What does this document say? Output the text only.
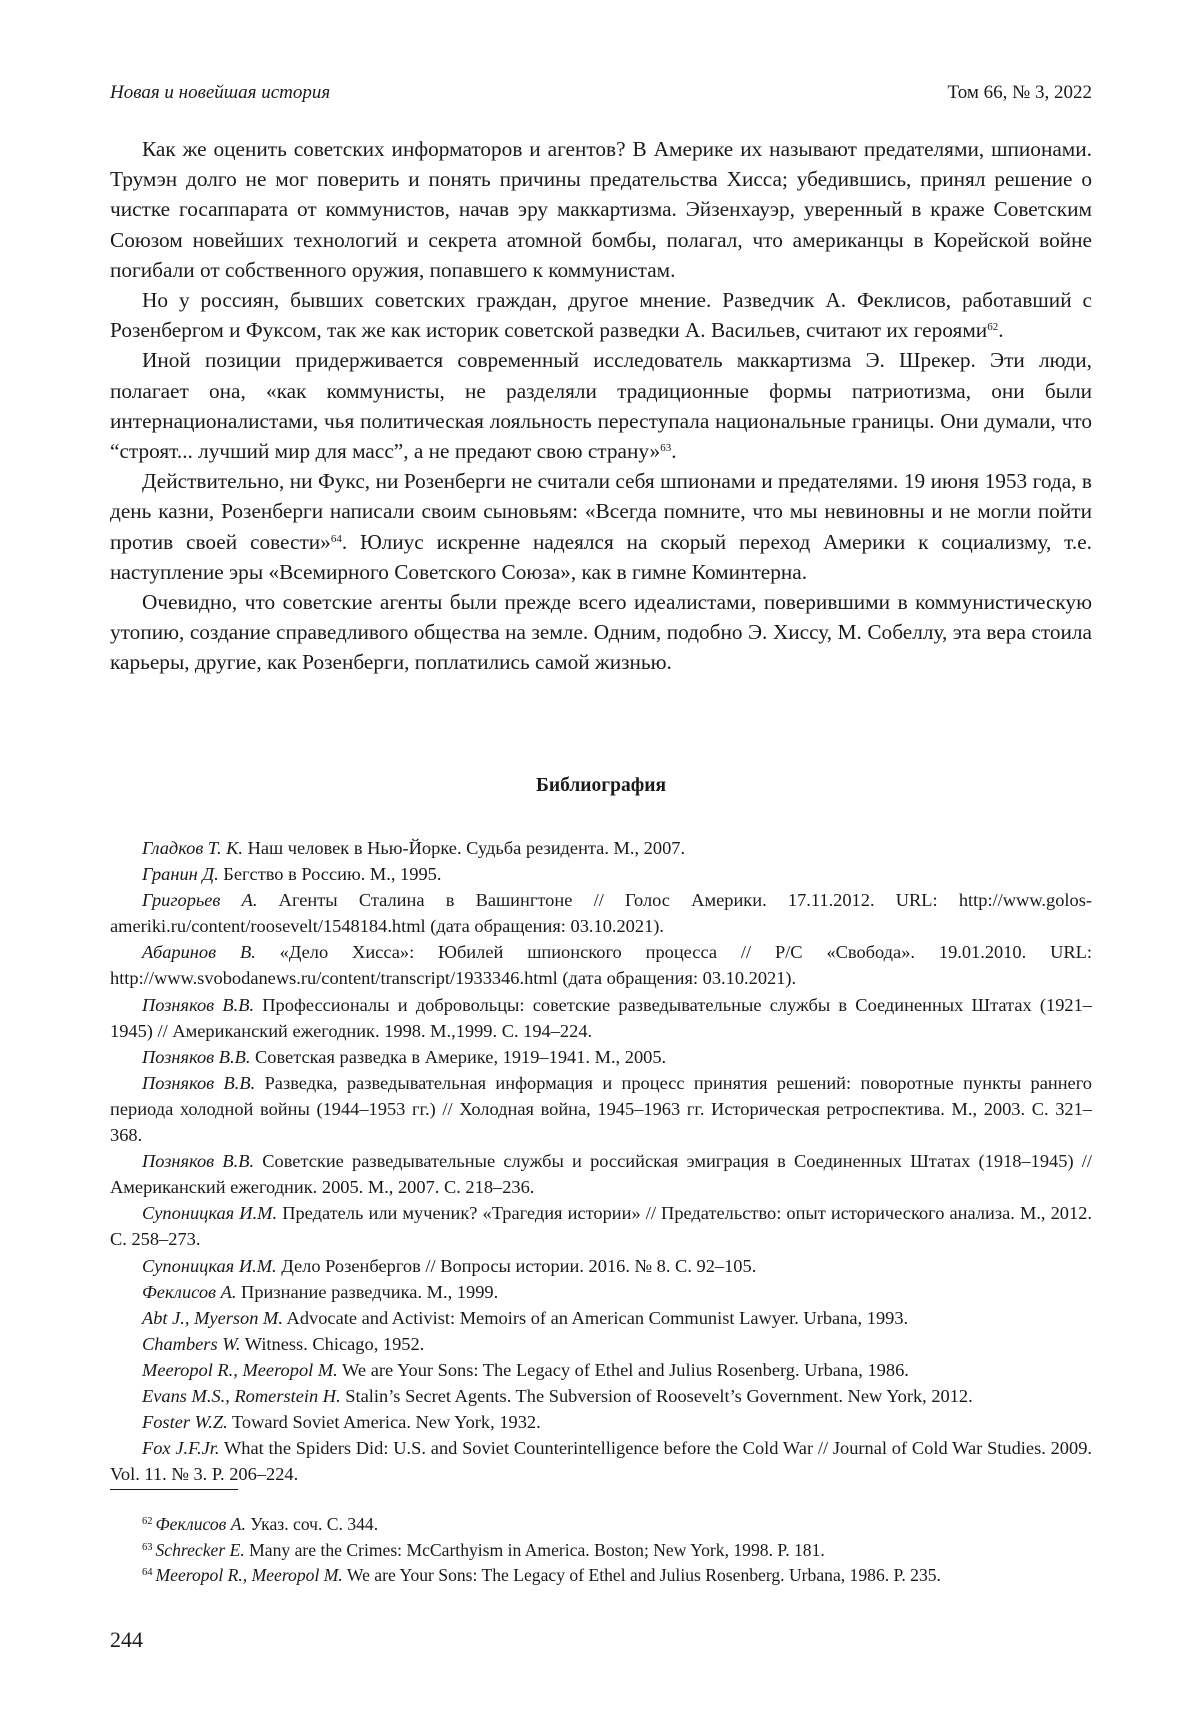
Новая и новейшая история	Том 66, № 3, 2022

Как же оценить советских информаторов и агентов? В Америке их называют предателями, шпионами. Трумэн долго не мог поверить и понять причины предательства Хисса; убедившись, принял решение о чистке госаппарата от коммунистов, начав эру маккартизма. Эйзенхауэр, уверенный в краже Советским Союзом новейших технологий и секрета атомной бомбы, полагал, что американцы в Корейской войне погибали от собственного оружия, попавшего к коммунистам.

Но у россиян, бывших советских граждан, другое мнение. Разведчик А. Феклисов, работавший с Розенбергом и Фуксом, так же как историк советской разведки А. Васильев, считают их героями$^{62}$.

Иной позиции придерживается современный исследователь маккартизма Э. Шрекер. Эти люди, полагает она, «как коммунисты, не разделяли традиционные формы патриотизма, они были интернационалистами, чья политическая лояльность переступала национальные границы. Они думали, что “строят... лучший мир для масс”, а не предают свою страну»$^{63}$.

Действительно, ни Фукс, ни Розенберги не считали себя шпионами и предателями. 19 июня 1953 года, в день казни, Розенберги написали своим сыновьям: «Всегда помните, что мы невиновны и не могли пойти против своей совести»$^{64}$. Юлиус искренне надеялся на скорый переход Америки к социализму, т.е. наступление эры «Всемирного Советского Союза», как в гимне Коминтерна.

Очевидно, что советские агенты были прежде всего идеалистами, поверившими в коммунистическую утопию, создание справедливого общества на земле. Одним, подобно Э. Хиссу, М. Собеллу, эта вера стоила карьеры, другие, как Розенберги, поплатились самой жизнью.

Библиография

Гладков Т. К. Наш человек в Нью-Йорке. Судьба резидента. М., 2007.

Гранин Д. Бегство в Россию. М., 1995.

Григорьев А. Агенты Сталина в Вашингтоне // Голос Америки. 17.11.2012. URL: http://www.golos-ameriki.ru/content/roosevelt/1548184.html (дата обращения: 03.10.2021).

Абаринов В. «Дело Хисса»: Юбилей шпионского процесса // Р/С «Свобода». 19.01.2010. URL: http://www.svobodanews.ru/content/transcript/1933346.html (дата обращения: 03.10.2021).

Позняков В.В. Профессионалы и добровольцы: советские разведывательные службы в Соединенных Штатах (1921–1945) // Американский ежегодник. 1998. М.,1999. С. 194–224.

Позняков В.В. Советская разведка в Америке, 1919–1941. М., 2005.

Позняков В.В. Разведка, разведывательная информация и процесс принятия решений: поворотные пункты раннего периода холодной войны (1944–1953 гг.) // Холодная война, 1945–1963 гг. Историческая ретроспектива. М., 2003. С. 321–368.

Позняков В.В. Советские разведывательные службы и российская эмиграция в Соединенных Штатах (1918–1945) // Американский ежегодник. 2005. М., 2007. С. 218–236.

Супоницкая И.М. Предатель или мученик? «Трагедия истории» // Предательство: опыт исторического анализа. М., 2012. С. 258–273.

Супоницкая И.М. Дело Розенбергов // Вопросы истории. 2016. № 8. С. 92–105.

Феклисов А. Признание разведчика. М., 1999.

Abt J., Myerson M. Advocate and Activist: Memoirs of an American Communist Lawyer. Urbana, 1993.

Chambers W. Witness. Chicago, 1952.

Meeropol R., Meeropol M. We are Your Sons: The Legacy of Ethel and Julius Rosenberg. Urbana, 1986.

Evans M.S., Romerstein H. Stalin’s Secret Agents. The Subversion of Roosevelt’s Government. New York, 2012.

Foster W.Z. Toward Soviet America. New York, 1932.

Fox J.F.Jr. What the Spiders Did: U.S. and Soviet Counterintelligence before the Cold War // Journal of Cold War Studies. 2009. Vol. 11. № 3. P. 206–224.

$^{62}$ Феклисов А. Указ. соч. С. 344.

$^{63}$ Schrecker E. Many are the Crimes: McCarthyism in America. Boston; New York, 1998. P. 181.

$^{64}$ Meeropol R., Meeropol M. We are Your Sons: The Legacy of Ethel and Julius Rosenberg. Urbana, 1986. P. 235.

244
